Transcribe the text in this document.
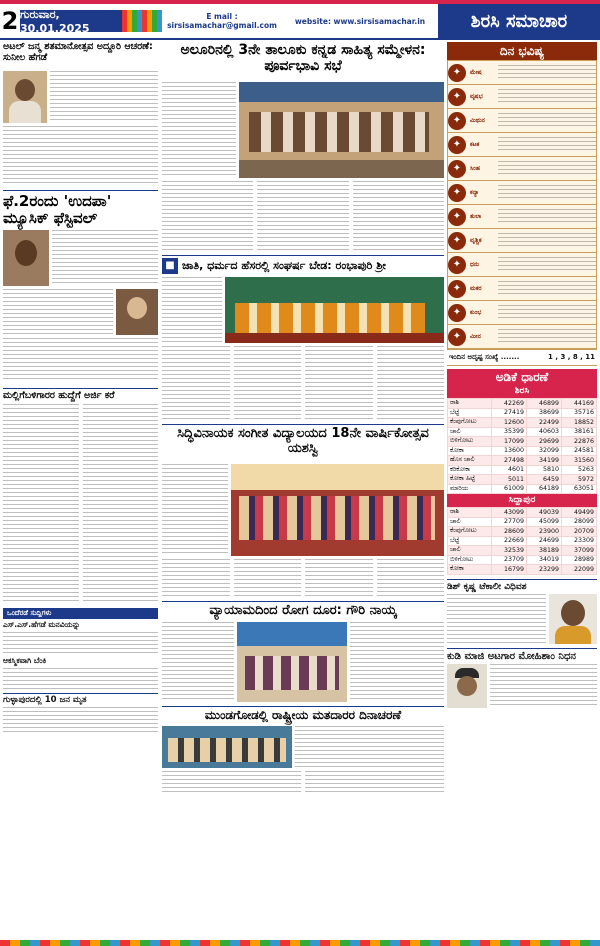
2 ಗುರುವಾರ, 30.01.2025
E mail : sirsisamachar@gmail.com	website: www.sirsisamachar.in	ಶಿರಸಿ ಸಮಾಚಾರ
ಅಟಲ್ ಜನ್ಮ ಶತಮಾನೋತ್ಸವ ಅದ್ದೂರಿ ಆಚರಣೆ: ಸುನೀಲ ಹೆಗಡೆ
ಫೆ.2ರಂದು 'ಉದಪಾ' ಮ್ಯೂಸಿಕ್ ಫೆಸ್ಟಿವಲ್
ಮಲ್ಲಿಗೆಬಳಿಗಾರರ ಹುದ್ದೆಗೆ ಅರ್ಜಿ ಕರೆ
ಒಂದೆರಡೆ ಸುದ್ದಿಗಳು
ಎಸ್.ಎಸ್.ಹೆಗಡೆ ಮನವಿಯನ್ನು
ಆಕಸ್ಮಿಕವಾಗಿ ಬೆಂಕಿ
ಗುಳ್ಳಾಪುರದಲ್ಲಿ 10 ಜನ ಮೃತ
ಅಲೂರಿನಲ್ಲಿ 3ನೇ ತಾಲೂಕು ಕನ್ನಡ ಸಾಹಿತ್ಯ ಸಮ್ಮೇಳನ: ಪೂರ್ವಭಾವಿ ಸಭೆ
■ ಜಾತಿ, ಧರ್ಮದ ಹೆಸರಲ್ಲಿ ಸಂಘರ್ಷ ಬೇಡ: ರಂಭಾಪುರಿ ಶ್ರೀ
ಸಿದ್ಧಿವಿನಾಯಕ ಸಂಗೀತ ವಿದ್ಯಾಲಯದ 18ನೇ ವಾರ್ಷಿಕೋತ್ಸವ ಯಶಸ್ವಿ
ವ್ಯಾಯಾಮದಿಂದ ರೋಗ ದೂರ: ಗೌರಿ ನಾಯ್ಕ
ಮುಂಡಗೋಡಲ್ಲಿ ರಾಷ್ಟ್ರೀಯ ಮತದಾರರ ದಿನಾಚರಣೆ
ದಿನ ಭವಿಷ್ಯ
✦	ಮೇಷ
✦	ವೃಷಭ
✦	ಮಿಥುನ
✦	ಕಟಕ
✦	ಸಿಂಹ
✦	ಕನ್ಯಾ
✦	ತುಲಾ
✦	ವೃಶ್ಚಿಕ
✦	ಧನು
✦	ಮಕರ
✦	ಕುಂಭ
✦	ಮೀನ
ಇಂದಿನ ಅದೃಷ್ಟ ಸಂಖ್ಯೆ .......	1 , 3 , 8 , 11
ಅಡಿಕೆ ಧಾರಣೆ
ಶಿರಸಿ
ರಾಶಿ	42269	46899	44169
ಬೆಟ್ಟೆ	27419	38699	35716
ಕೆಂಪುಗೋಟು	12600	22499	18852
ಚಾಲಿ	35399	40603	38161
ಬಿಳಿಗೋಟು	17099	29699	22876
ಕೋಕಾ	13600	32099	24581
ಹೊಸ ಚಾಲಿ	27498	34199	31560
ಕರಿಕೋಕಾ	4601	5810	5263
ಕೋಕಾ ಹಿಟ್ಟೆ	5011	6459	5972
ಮಾರಿಯ	61009	64189	63051
ಸಿದ್ದಾಪುರ
ರಾಶಿ	43099	49039	49499
ಚಾಲಿ	27709	45099	28099
ಕೆಂಪುಗೋಟು	28609	23900	20709
ಬೆಟ್ಟೆ	22669	24699	23309
ಚಾಲಿ	32539	38189	37099
ಬಿಳಿಗೋಟು	23709	34019	28989
ಕೋಕಾ	16799	23299	22099
ಡಿಶ್ ಕೃಷ್ಣ ಟೆಕಾಲೀ ವಿಧಿವಶ
ಕುಡಿ ಮಾಜಿ ಅಟಗಾರ ಮೋಹಿಶಾಂ ನಿಧನ
